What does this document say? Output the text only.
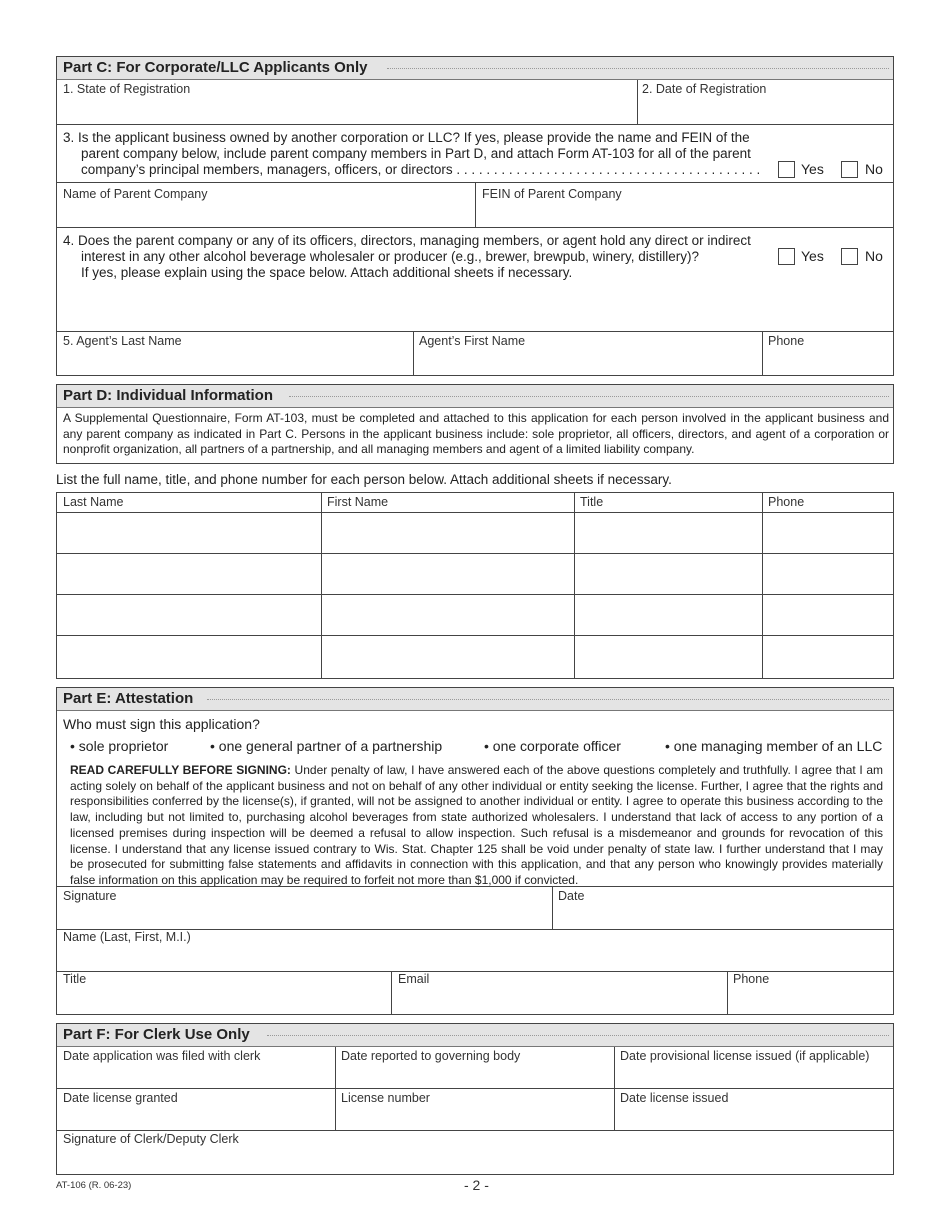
Part C: For Corporate/LLC Applicants Only
1. State of Registration	2. Date of Registration
3. Is the applicant business owned by another corporation or LLC? If yes, please provide the name and FEIN of the
parent company below, include parent company members in Part D, and attach Form AT-103 for all of the parent
company’s principal members, managers, officers, or directors . . . . . . . . . . . . . . . . . . . . . . . . . . . . . . . . . . . . . . . . .	Yes	No
Name of Parent Company	FEIN of Parent Company
4. Does the parent company or any of its officers, directors, managing members, or agent hold any direct or indirect
interest in any other alcohol beverage wholesaler or producer (e.g., brewer, brewpub, winery, distillery)?
If yes, please explain using the space below. Attach additional sheets if necessary.
Yes	No
5. Agent’s Last Name	Agent’s First Name	Phone
Part D: Individual Information
A Supplemental Questionnaire, Form AT-103, must be completed and attached to this application for each person involved in the applicant business and any parent company as indicated in Part C. Persons in the applicant business include: sole proprietor, all officers, directors, and agent of a corporation or nonprofit organization, all partners of a partnership, and all managing members and agent of a limited liability company.
List the full name, title, and phone number for each person below. Attach additional sheets if necessary.
Last Name	First Name	Title	Phone
Part E: Attestation
Who must sign this application?
• sole proprietor	• one general partner of a partnership	• one corporate officer	• one managing member of an LLC
READ CAREFULLY BEFORE SIGNING: Under penalty of law, I have answered each of the above questions completely and truthfully. I agree that I am acting solely on behalf of the applicant business and not on behalf of any other individual or entity seeking the license. Further, I agree that the rights and responsibilities conferred by the license(s), if granted, will not be assigned to another individual or entity. I agree to operate this business according to the law, including but not limited to, purchasing alcohol beverages from state authorized wholesalers. I understand that lack of access to any portion of a licensed premises during inspection will be deemed a refusal to allow inspection. Such refusal is a misdemeanor and grounds for revocation of this license. I understand that any license issued contrary to Wis. Stat. Chapter 125 shall be void under penalty of state law. I further understand that I may be prosecuted for submitting false statements and affidavits in connection with this application, and that any person who knowingly provides materially false information on this application may be required to forfeit not more than $1,000 if convicted.
Signature	Date
Name (Last, First, M.I.)
Title	Email	Phone
Part F: For Clerk Use Only
Date application was filed with clerk	Date reported to governing body	Date provisional license issued (if applicable)
Date license granted	License number	Date license issued
Signature of Clerk/Deputy Clerk
AT-106 (R. 06-23)	- 2 -
